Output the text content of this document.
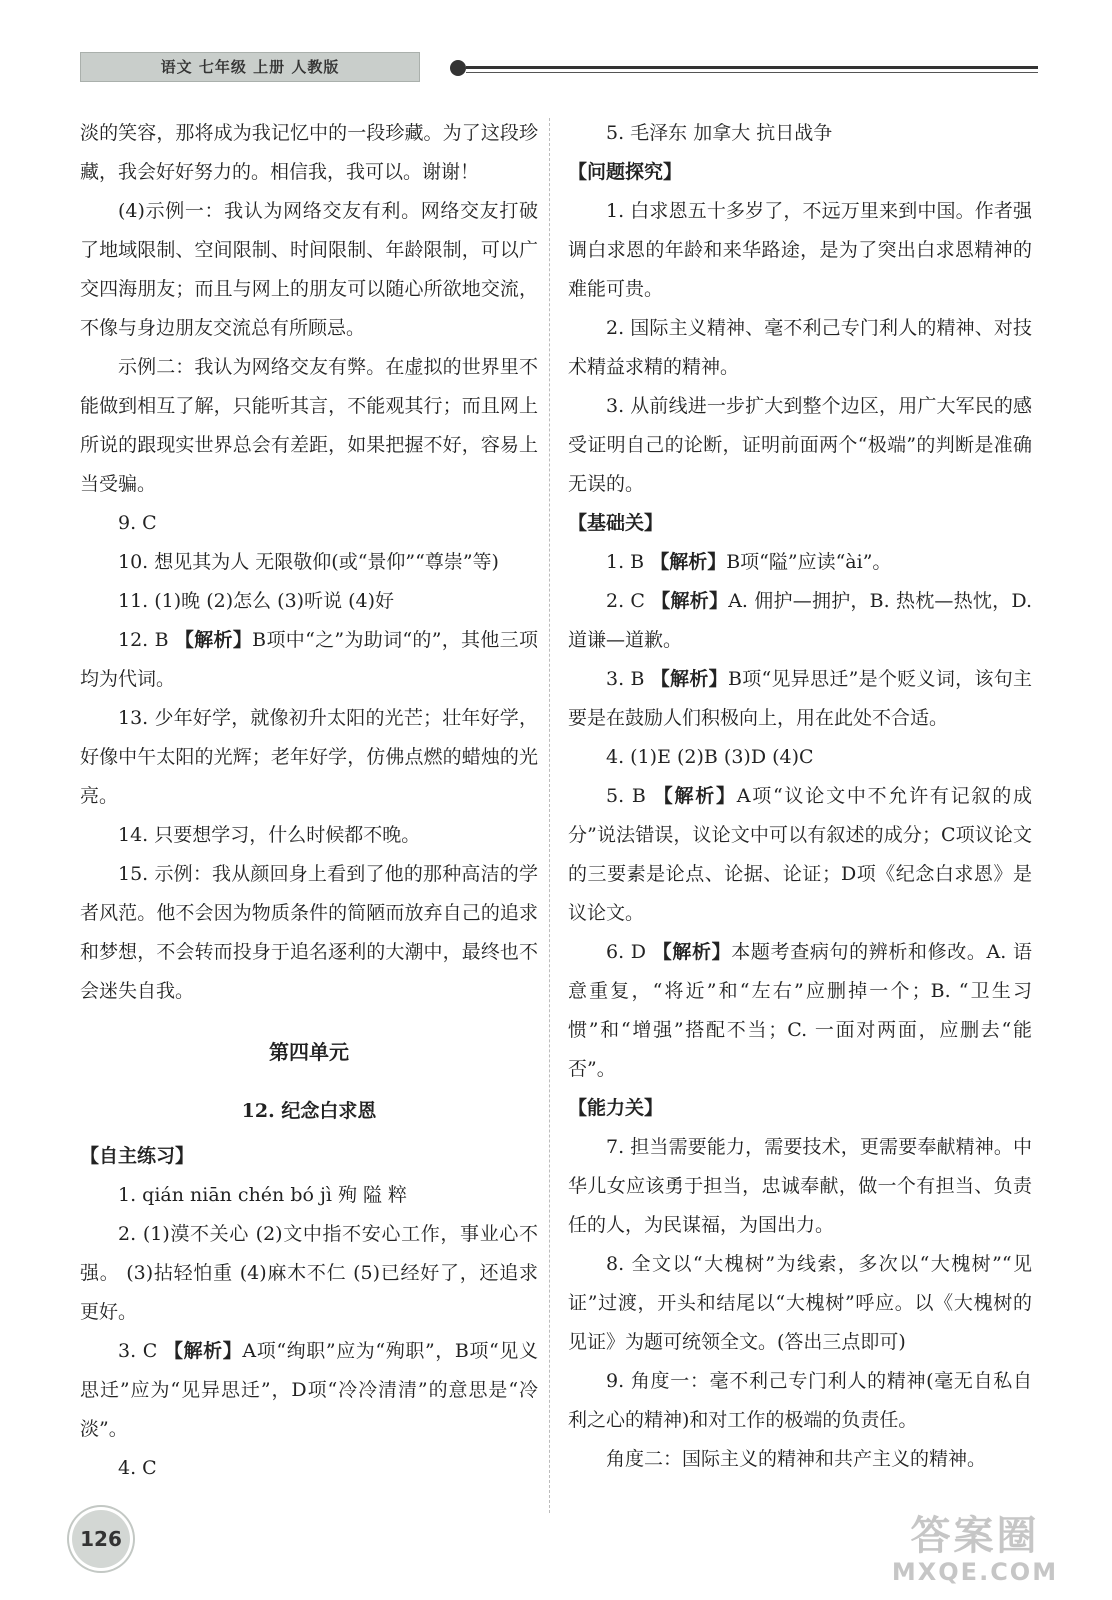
语文 七年级 上册 人教版

淡的笑容，那将成为我记忆中的一段珍藏。为了这段珍藏，我会好好努力的。相信我，我可以。谢谢！

(4)示例一：我认为网络交友有利。网络交友打破了地域限制、空间限制、时间限制、年龄限制，可以广交四海朋友；而且与网上的朋友可以随心所欲地交流，不像与身边朋友交流总有所顾忌。

示例二：我认为网络交友有弊。在虚拟的世界里不能做到相互了解，只能听其言，不能观其行；而且网上所说的跟现实世界总会有差距，如果把握不好，容易上当受骗。

9. C

10. 想见其为人 无限敬仰(或“景仰”“尊崇”等)

11. (1)晚 (2)怎么 (3)听说 (4)好

12. B 【解析】B项中“之”为助词“的”，其他三项均为代词。

13. 少年好学，就像初升太阳的光芒；壮年好学，好像中午太阳的光辉；老年好学，仿佛点燃的蜡烛的光亮。

14. 只要想学习，什么时候都不晚。

15. 示例：我从颜回身上看到了他的那种高洁的学者风范。他不会因为物质条件的简陋而放弃自己的追求和梦想，不会转而投身于追名逐利的大潮中，最终也不会迷失自我。

第四单元

12. 纪念白求恩

【自主练习】

1. qián niān chén bó jì 殉 隘 粹

2. (1)漠不关心 (2)文中指不安心工作，事业心不强。 (3)拈轻怕重 (4)麻木不仁 (5)已经好了，还追求更好。

3. C 【解析】A项“绚职”应为“殉职”，B项“见义思迁”应为“见异思迁”，D项“冷冷清清”的意思是“冷淡”。

4. C

5. 毛泽东 加拿大 抗日战争

【问题探究】

1. 白求恩五十多岁了，不远万里来到中国。作者强调白求恩的年龄和来华路途，是为了突出白求恩精神的难能可贵。

2. 国际主义精神、毫不利己专门利人的精神、对技术精益求精的精神。

3. 从前线进一步扩大到整个边区，用广大军民的感受证明自己的论断，证明前面两个“极端”的判断是准确无误的。

【基础关】

1. B 【解析】B项“隘”应读“ài”。

2. C 【解析】A. 佣护—拥护，B. 热枕—热忱，D. 道谦—道歉。

3. B 【解析】B项“见异思迁”是个贬义词，该句主要是在鼓励人们积极向上，用在此处不合适。

4. (1)E (2)B (3)D (4)C

5. B 【解析】A项“议论文中不允许有记叙的成分”说法错误，议论文中可以有叙述的成分；C项议论文的三要素是论点、论据、论证；D项《纪念白求恩》是议论文。

6. D 【解析】本题考查病句的辨析和修改。A. 语意重复，“将近”和“左右”应删掉一个；B. “卫生习惯”和“增强”搭配不当；C. 一面对两面，应删去“能否”。

【能力关】

7. 担当需要能力，需要技术，更需要奉献精神。中华儿女应该勇于担当，忠诚奉献，做一个有担当、负责任的人，为民谋福，为国出力。

8. 全文以“大槐树”为线索，多次以“大槐树”“见证”过渡，开头和结尾以“大槐树”呼应。以《大槐树的见证》为题可统领全文。(答出三点即可)

9. 角度一：毫不利己专门利人的精神(毫无自私自利之心的精神)和对工作的极端的负责任。

角度二：国际主义的精神和共产主义的精神。

126	答案圈
MXQE.COM
